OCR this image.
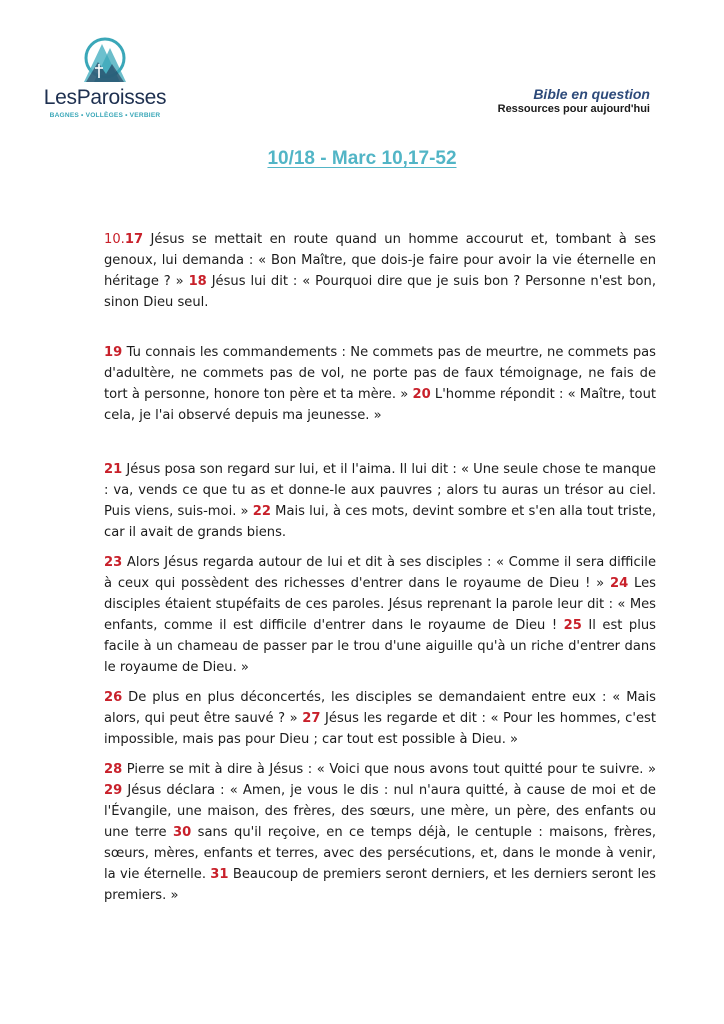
LesParoisses
BAGNES • VOLLÈGES • VERBIER
Bible en question
Ressources pour aujourd'hui
10/18 - Marc 10,17-52

10.17 Jésus se mettait en route quand un homme accourut et, tombant à ses genoux, lui demanda : « Bon Maître, que dois-je faire pour avoir la vie éternelle en héritage ? » 18 Jésus lui dit : « Pourquoi dire que je suis bon ? Personne n'est bon, sinon Dieu seul.

19 Tu connais les commandements : Ne commets pas de meurtre, ne commets pas d'adultère, ne commets pas de vol, ne porte pas de faux témoignage, ne fais de tort à personne, honore ton père et ta mère. » 20 L'homme répondit : « Maître, tout cela, je l'ai observé depuis ma jeunesse. »

21 Jésus posa son regard sur lui, et il l'aima. Il lui dit : « Une seule chose te manque : va, vends ce que tu as et donne-le aux pauvres ; alors tu auras un trésor au ciel. Puis viens, suis-moi. » 22 Mais lui, à ces mots, devint sombre et s'en alla tout triste, car il avait de grands biens.

23 Alors Jésus regarda autour de lui et dit à ses disciples : « Comme il sera difficile à ceux qui possèdent des richesses d'entrer dans le royaume de Dieu ! » 24 Les disciples étaient stupéfaits de ces paroles. Jésus reprenant la parole leur dit : « Mes enfants, comme il est difficile d'entrer dans le royaume de Dieu ! 25 Il est plus facile à un chameau de passer par le trou d'une aiguille qu'à un riche d'entrer dans le royaume de Dieu. »

26 De plus en plus déconcertés, les disciples se demandaient entre eux : « Mais alors, qui peut être sauvé ? » 27 Jésus les regarde et dit : « Pour les hommes, c'est impossible, mais pas pour Dieu ; car tout est possible à Dieu. »

28 Pierre se mit à dire à Jésus : « Voici que nous avons tout quitté pour te suivre. » 29 Jésus déclara : « Amen, je vous le dis : nul n'aura quitté, à cause de moi et de l'Évangile, une maison, des frères, des sœurs, une mère, un père, des enfants ou une terre 30 sans qu'il reçoive, en ce temps déjà, le centuple : maisons, frères, sœurs, mères, enfants et terres, avec des persécutions, et, dans le monde à venir, la vie éternelle. 31 Beaucoup de premiers seront derniers, et les derniers seront les premiers. »
